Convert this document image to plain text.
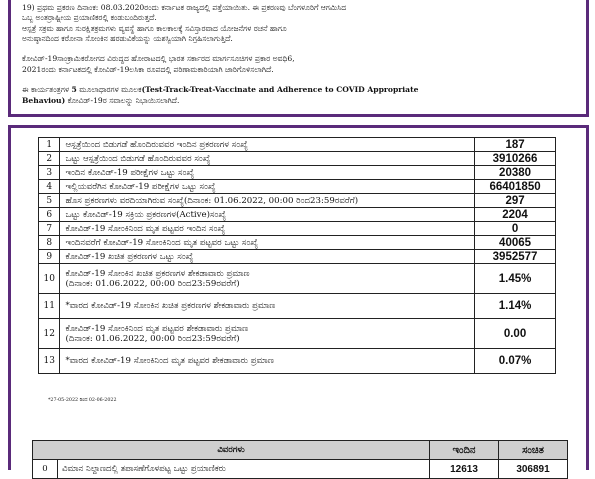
19) ಪ್ರಥಮ ಪ್ರಕರಣ ದಿನಾಂಕ: 08.03.2020ರಂದು ಕರ್ನಾಟಕ ರಾಜ್ಯದಲ್ಲಿ ಪತ್ತೆಯಾಯಿತು. ಈ ಪ್ರಕರಣವು ಬೆಂಗಳೂರಿಗೆ ಆಗಮಿಸಿದ
ಒಬ್ಬ ಅಂತರ್ರಾಷ್ಟ್ರೀಯ ಪ್ರಯಾಣಿಕರಲ್ಲಿ ಕಂಡುಬಂದಿರುತ್ತದೆ.
ಆಸ್ಪತ್ರೆ ಸಕ್ರಮ ಹಾಗೂ ಸುರಕ್ಷಿತಕ್ರಮಗಳು ವ್ಯವಸ್ಥೆ ಹಾಗೂ ಕಾಲಕಾಲಕ್ಕೆ ಸವಿಸ್ತಾರವಾದ ಯೋಜನೆಗಳ ರಚನೆ ಹಾಗೂ
ಅನುಷ್ಠಾನದಿಂದ ಕರೋನಾ ಸೋಂಕಿನ ಹರಡುವಿಕೆಯನ್ನು ಯಶಸ್ವಿಯಾಗಿ ನಿಗ್ರಹಿಸಲಾಗುತ್ತಿದೆ.
ಕೋವಿಡ್-19ಸಾಂಕ್ರಾಮಿಕರೋಗದ ವಿರುದ್ಧದ ಹೋರಾಟದಲ್ಲಿ ಭಾರತ ಸರ್ಕಾರದ ಮಾರ್ಗಸೂಚಿಗಳ ಪ್ರಕಾರ ಅವಧಿ6,
2021ರಂದು ಕರ್ನಾಟಕದಲ್ಲಿ ಕೋವಿಡ್-19ಲಸಿಕಾ ರೂಪದಲ್ಲಿ ಪರಿಣಾಮಕಾರಿಯಾಗಿ ಜಾರಿಗೊಳಿಸಲಾಗಿದೆ.
ಈ ಕಾರ್ಯತಂತ್ರಗಳ 5 ಮೂಲಾಧಾರಗಳ ಮೂಲಕ(Test-Track-Treat-Vaccinate and Adherence to COVID Appropriate
Behaviou) ಕೋವಿಡ್-19ರ ಸವಾಲನ್ನು ನಿಭಾಯಿಸಲಾಗಿದೆ.
1	ಆಸ್ಪತ್ರೆಯಿಂದ ಬಿಡುಗಡೆ ಹೊಂದಿರುವವರ ಇಂದಿನ ಪ್ರಕರಣಗಳ ಸಂಖ್ಯೆ	187
2	ಒಟ್ಟು ಆಸ್ಪತ್ರೆಯಿಂದ ಬಿಡುಗಡೆ ಹೊಂದಿರುವವರ ಸಂಖ್ಯೆ	3910266
3	ಇಂದಿನ ಕೋವಿಡ್-19 ಪರೀಕ್ಷೆಗಳ ಒಟ್ಟು ಸಂಖ್ಯೆ	20380
4	ಇಲ್ಲಿಯವರೆಗಿನ ಕೋವಿಡ್-19 ಪರೀಕ್ಷೆಗಳ ಒಟ್ಟು ಸಂಖ್ಯೆ	66401850
5	ಹೊಸ ಪ್ರಕರಣಗಳು ವರದಿಯಾಗಿರುವ ಸಂಖ್ಯೆ(ದಿನಾಂಕ: 01.06.2022, 00:00 ರಿಂದ23:59ರವರೆಗೆ)	297
6	ಒಟ್ಟು ಕೋವಿಡ್-19 ಸಕ್ರಿಯ ಪ್ರಕರಣಗಳ(Active)ಸಂಖ್ಯೆ	2204
7	ಕೋವಿಡ್-19 ಸೋಂಕಿನಿಂದ ಮೃತ ಪಟ್ಟವರ ಇಂದಿನ ಸಂಖ್ಯೆ	0
8	ಇಂದಿನವರೆಗೆ ಕೋವಿಡ್-19 ಸೋಂಕಿನಿಂದ ಮೃತ ಪಟ್ಟವರ ಒಟ್ಟು ಸಂಖ್ಯೆ	40065
9	ಕೋವಿಡ್-19 ಖಚಿತ ಪ್ರಕರಣಗಳ ಒಟ್ಟು ಸಂಖ್ಯೆ	3952577
10	ಕೋವಿಡ್-19 ಸೋಂಕಿನ ಖಚಿತ ಪ್ರಕರಣಗಳ ಶೇಕಡಾವಾರು ಪ್ರಮಾಣ
(ದಿನಾಂಕ: 01.06.2022, 00:00 ರಿಂದ23:59ರವರೆಗೆ)	1.45%
11	*ವಾರದ ಕೋವಿಡ್-19 ಸೋಂಕಿನ ಖಚಿತ ಪ್ರಕರಣಗಳ ಶೇಕಡಾವಾರು ಪ್ರಮಾಣ	1.14%
12	ಕೋವಿಡ್-19 ಸೋಂಕಿನಿಂದ ಮೃತ ಪಟ್ಟವರ ಶೇಕಡಾವಾರು ಪ್ರಮಾಣ
(ದಿನಾಂಕ: 01.06.2022, 00:00 ರಿಂದ23:59ರವರೆಗೆ)	0.00
13	*ವಾರದ ಕೋವಿಡ್-19 ಸೋಂಕಿನಿಂದ ಮೃತ ಪಟ್ಟವರ ಶೇಕಡಾವಾರು ಪ್ರಮಾಣ	0.07%
*27-05-2022 ರಿಂದ 02-06-2022
ವಿವರಗಳು		ಇಂದಿನ	ಸಂಚಿತ
0	ವಿಮಾನ ನಿಲ್ದಾಣದಲ್ಲಿ ತಪಾಸಣೆಗೊಳಪಟ್ಟ ಒಟ್ಟು ಪ್ರಯಾಣಿಕರು	12613	306891
